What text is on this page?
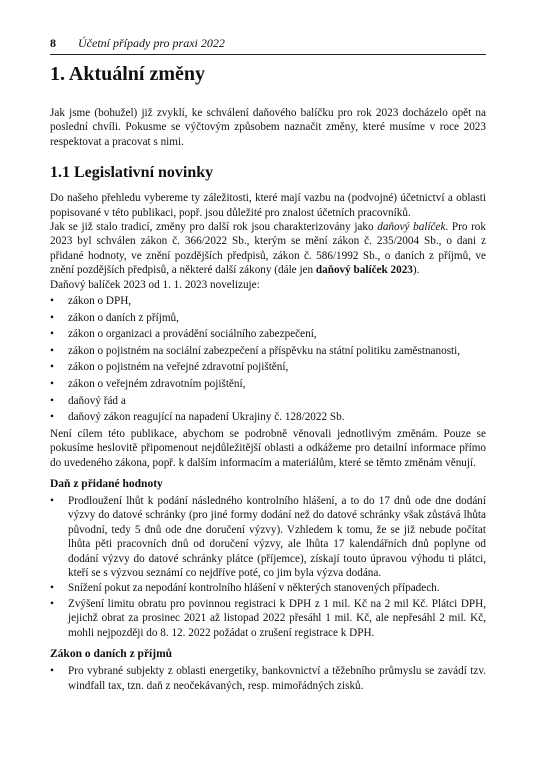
8	Účetní případy pro praxi 2022
1. Aktuální změny

Jak jsme (bohužel) již zvyklí, ke schválení daňového balíčku pro rok 2023 docházelo opět na poslední chvíli. Pokusme se výčtovým způsobem naznačit změny, které musíme v roce 2023 respektovat a pracovat s nimi.

1.1 Legislativní novinky

Do našeho přehledu vybereme ty záležitosti, které mají vazbu na (podvojné) účetnictví a oblasti popisované v této publikaci, popř. jsou důležité pro znalost účetních pracovníků.

Jak se již stalo tradicí, změny pro další rok jsou charakterizovány jako daňový balíček. Pro rok 2023 byl schválen zákon č. 366/2022 Sb., kterým se mění zákon č. 235/2004 Sb., o dani z přidané hodnoty, ve znění pozdějších předpisů, zákon č. 586/1992 Sb., o daních z příjmů, ve znění pozdějších předpisů, a některé další zákony (dále jen daňový balíček 2023).

Daňový balíček 2023 od 1. 1. 2023 novelizuje:

• zákon o DPH,
• zákon o daních z příjmů,
• zákon o organizaci a provádění sociálního zabezpečení,
• zákon o pojistném na sociální zabezpečení a příspěvku na státní politiku zaměstnanosti,
• zákon o pojistném na veřejné zdravotní pojištění,
• zákon o veřejném zdravotním pojištění,
• daňový řád a
• daňový zákon reagující na napadení Ukrajiny č. 128/2022 Sb.

Není cílem této publikace, abychom se podrobně věnovali jednotlivým změnám. Pouze se pokusíme heslovitě připomenout nejdůležitější oblasti a odkážeme pro detailní informace přímo do uvedeného zákona, popř. k dalším informacím a materiálům, které se těmto změnám věnují.

Daň z přidané hodnoty
• Prodloužení lhůt k podání následného kontrolního hlášení, a to do 17 dnů ode dne dodání výzvy do datové schránky (pro jiné formy dodání než do datové schránky však zůstává lhůta původní, tedy 5 dnů ode dne doručení výzvy). Vzhledem k tomu, že se již nebude počítat lhůta pěti pracovních dnů od doručení výzvy, ale lhůta 17 kalendářních dnů poplyne od dodání výzvy do datové schránky plátce (příjemce), získají touto úpravou výhodu ti plátci, kteří se s výzvou seznámí co nejdříve poté, co jim byla výzva dodána.
• Snížení pokut za nepodání kontrolního hlášení v některých stanovených případech.
• Zvýšení limitu obratu pro povinnou registraci k DPH z 1 mil. Kč na 2 mil Kč. Plátci DPH, jejichž obrat za prosinec 2021 až listopad 2022 přesáhl 1 mil. Kč, ale nepřesáhl 2 mil. Kč, mohli nejpozději do 8. 12. 2022 požádat o zrušení registrace k DPH.
Zákon o daních z příjmů
• Pro vybrané subjekty z oblasti energetiky, bankovnictví a těžebního průmyslu se zavádí tzv. windfall tax, tzn. daň z neočekávaných, resp. mimořádných zisků.
